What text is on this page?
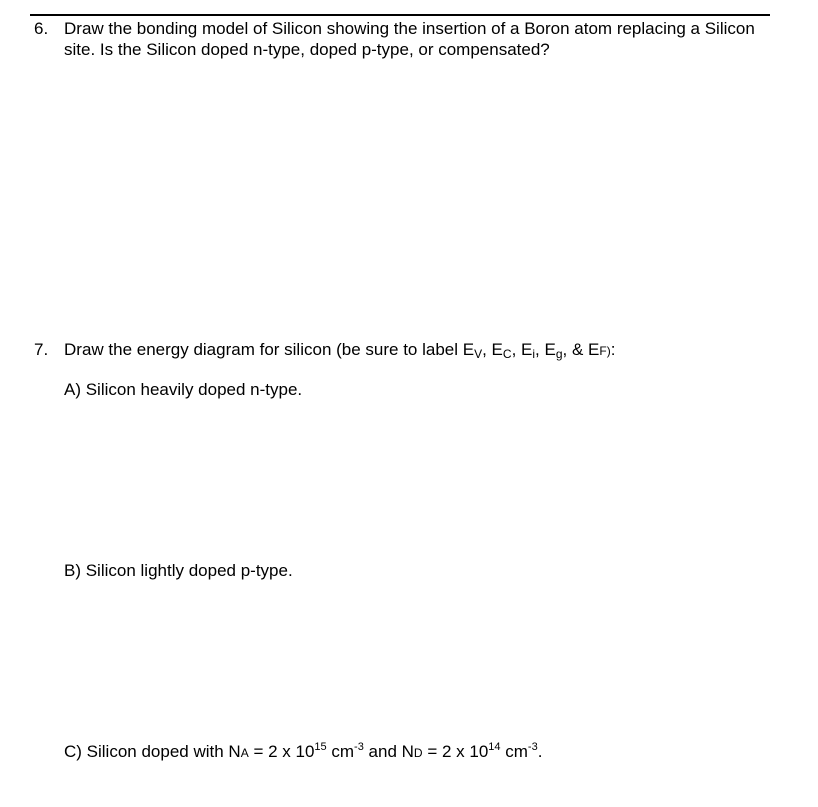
6. Draw the bonding model of Silicon showing the insertion of a Boron atom replacing a Silicon
site. Is the Silicon doped n-type, doped p-type, or compensated?
7. Draw the energy diagram for silicon (be sure to label $E_V$, $E_C$, $E_i$, $E_g$, & EF):
A) Silicon heavily doped n-type.
B) Silicon lightly doped p-type.
C) Silicon doped with NA = 2 x $10^{15}$ $cm^{-3}$ and ND = 2 x $10^{14}$ $cm^{-3}$.
